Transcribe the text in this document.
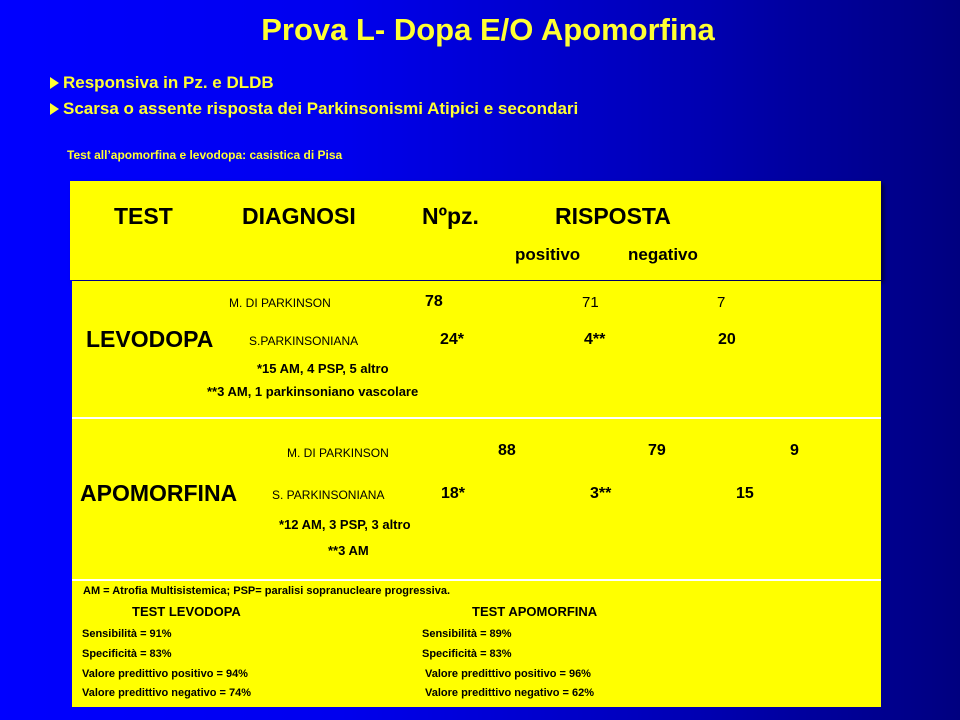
Prova L- Dopa E/O Apomorfina
Responsiva in Pz. e DLDB
Scarsa o assente risposta dei Parkinsonismi Atipici e secondari
Test all’apomorfina e levodopa: casistica di Pisa
TEST	DIAGNOSI	Nºpz.	RISPOSTA
positivo	negativo
M. DI PARKINSON	78	71	7
LEVODOPA	S.PARKINSONIANA	24*	4**	20
*15 AM, 4 PSP, 5 altro
**3 AM, 1 parkinsoniano vascolare
M. DI PARKINSON	88	79	9
APOMORFINA	S. PARKINSONIANA	18*	3**	15
*12 AM, 3 PSP, 3 altro
**3 AM
AM = Atrofia Multisistemica; PSP= paralisi sopranucleare progressiva.
TEST LEVODOPA
Sensibilità = 91%
Specificità = 83%
Valore predittivo positivo = 94%
Valore predittivo negativo = 74%
TEST APOMORFINA
Sensibilità = 89%
Specificità = 83%
Valore predittivo positivo = 96%
Valore predittivo negativo = 62%
